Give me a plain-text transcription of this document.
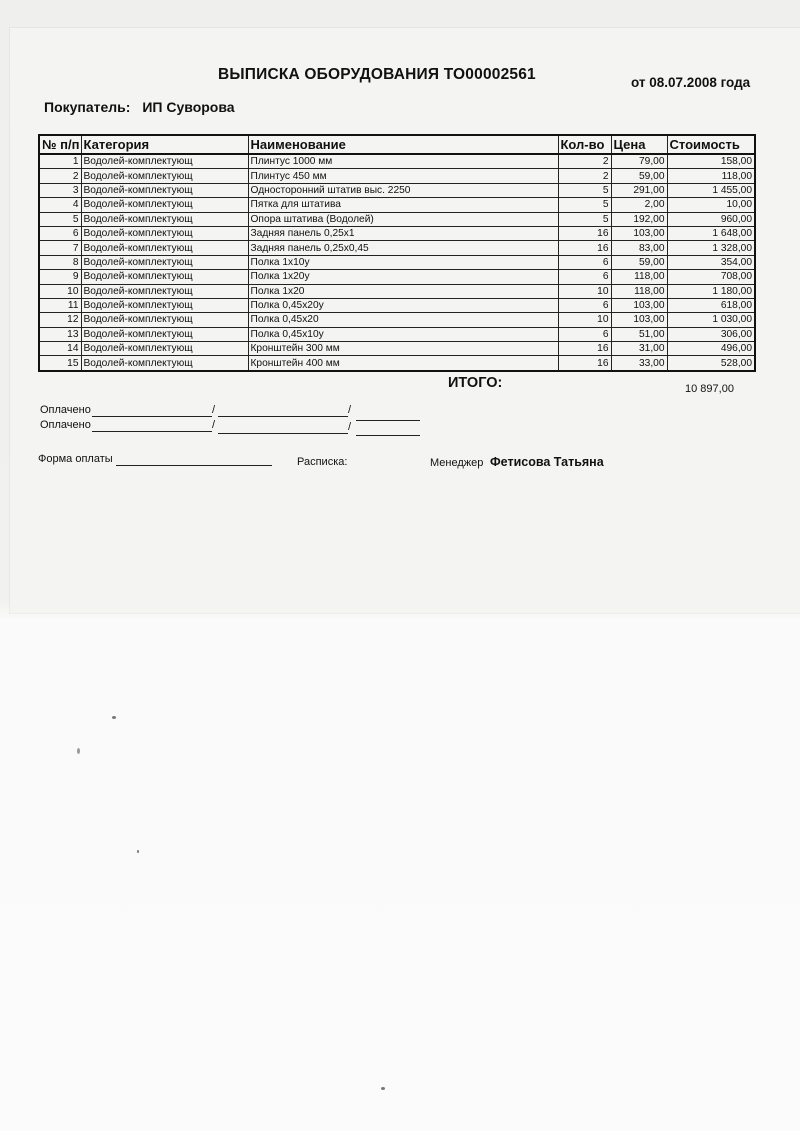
ВЫПИСКА ОБОРУДОВАНИЯ ТО00002561	от 08.07.2008 года
Покупатель: ИП Суворова
№ п/п	Категория	Наименование	Кол-во	Цена	Стоимость
1	Водолей-комплектующ	Плинтус 1000 мм	2	79,00	158,00
2	Водолей-комплектующ	Плинтус 450 мм	2	59,00	118,00
3	Водолей-комплектующ	Односторонний штатив выс. 2250	5	291,00	1 455,00
4	Водолей-комплектующ	Пятка для штатива	5	2,00	10,00
5	Водолей-комплектующ	Опора штатива (Водолей)	5	192,00	960,00
6	Водолей-комплектующ	Задняя панель 0,25х1	16	103,00	1 648,00
7	Водолей-комплектующ	Задняя панель 0,25х0,45	16	83,00	1 328,00
8	Водолей-комплектующ	Полка 1х10у	6	59,00	354,00
9	Водолей-комплектующ	Полка 1х20у	6	118,00	708,00
10	Водолей-комплектующ	Полка 1х20	10	118,00	1 180,00
11	Водолей-комплектующ	Полка 0,45х20у	6	103,00	618,00
12	Водолей-комплектующ	Полка 0,45х20	10	103,00	1 030,00
13	Водолей-комплектующ	Полка 0,45х10у	6	51,00	306,00
14	Водолей-комплектующ	Кронштейн 300 мм	16	31,00	496,00
15	Водолей-комплектующ	Кронштейн 400 мм	16	33,00	528,00
ИТОГО:	10 897,00
Оплачено	/	/
Оплачено	/	/
Форма оплаты	Расписка:	Менеджер Фетисова Татьяна
